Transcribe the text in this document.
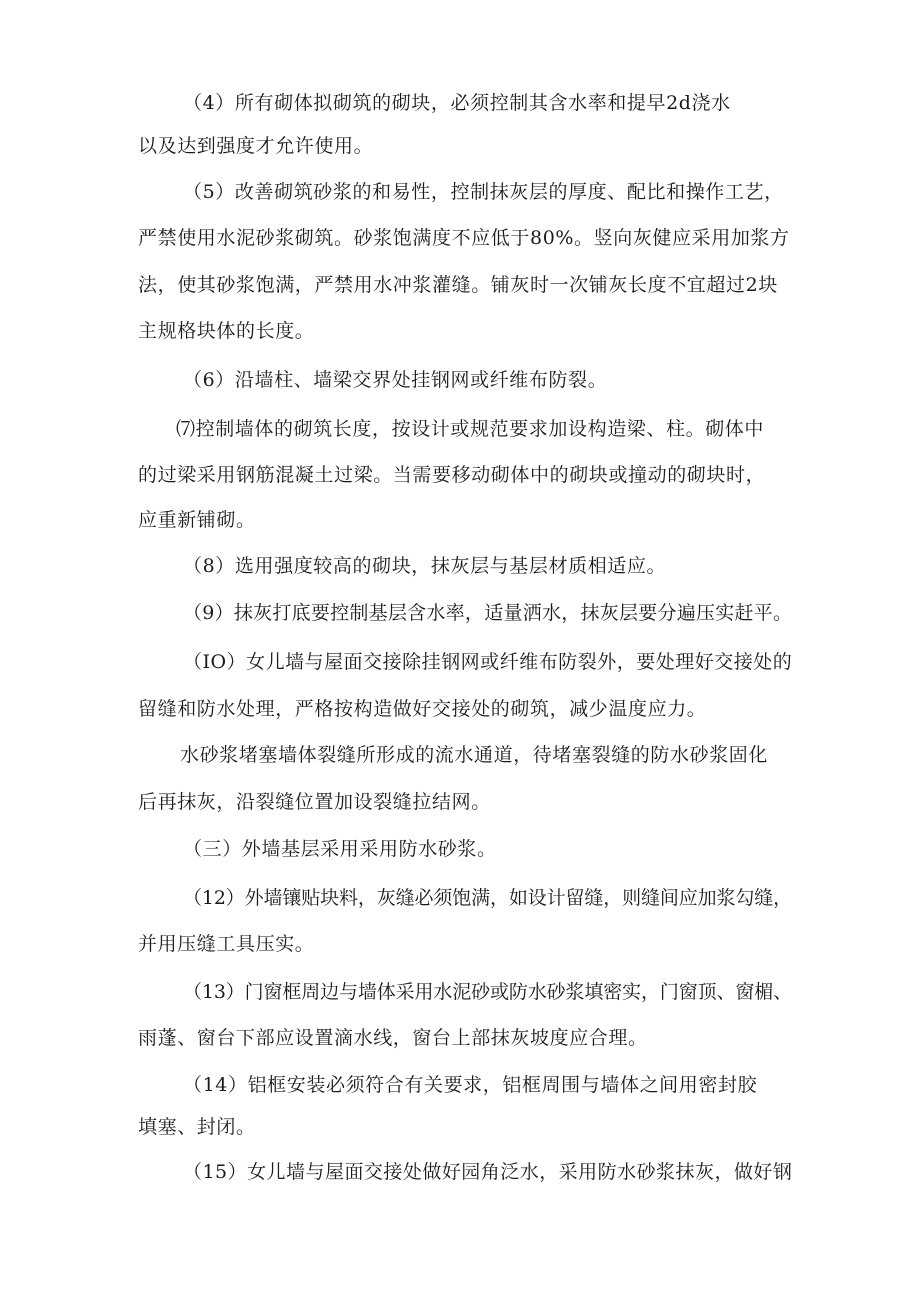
（4）所有砌体拟砌筑的砌块，必须控制其含水率和提早2d浇水
以及达到强度才允许使用。
（5）改善砌筑砂浆的和易性，控制抹灰层的厚度、配比和操作工艺，
严禁使用水泥砂浆砌筑。砂浆饱满度不应低于80%。竖向灰健应采用加浆方
法，使其砂浆饱满，严禁用水冲浆灌缝。铺灰时一次铺灰长度不宜超过2块
主规格块体的长度。
（6）沿墙柱、墙梁交界处挂钢网或纤维布防裂。
⑺控制墙体的砌筑长度，按设计或规范要求加设构造梁、柱。砌体中
的过梁采用钢筋混凝土过梁。当需要移动砌体中的砌块或撞动的砌块时，
应重新铺砌。
（8）选用强度较高的砌块，抹灰层与基层材质相适应。
（9）抹灰打底要控制基层含水率，适量洒水，抹灰层要分遍压实赶平。
（IO）女儿墙与屋面交接除挂钢网或纤维布防裂外，要处理好交接处的
留缝和防水处理，严格按构造做好交接处的砌筑，减少温度应力。
水砂浆堵塞墙体裂缝所形成的流水通道，待堵塞裂缝的防水砂浆固化
后再抹灰，沿裂缝位置加设裂缝拉结网。
（三）外墙基层采用采用防水砂浆。
（12）外墙镶贴块料，灰缝必须饱满，如设计留缝，则缝间应加浆勾缝，
并用压缝工具压实。
（13）门窗框周边与墙体采用水泥砂或防水砂浆填密实，门窗顶、窗楣、
雨蓬、窗台下部应设置滴水线，窗台上部抹灰坡度应合理。
（14）铝框安装必须符合有关要求，铝框周围与墙体之间用密封胶
填塞、封闭。
（15）女儿墙与屋面交接处做好园角泛水，采用防水砂浆抹灰，做好钢
